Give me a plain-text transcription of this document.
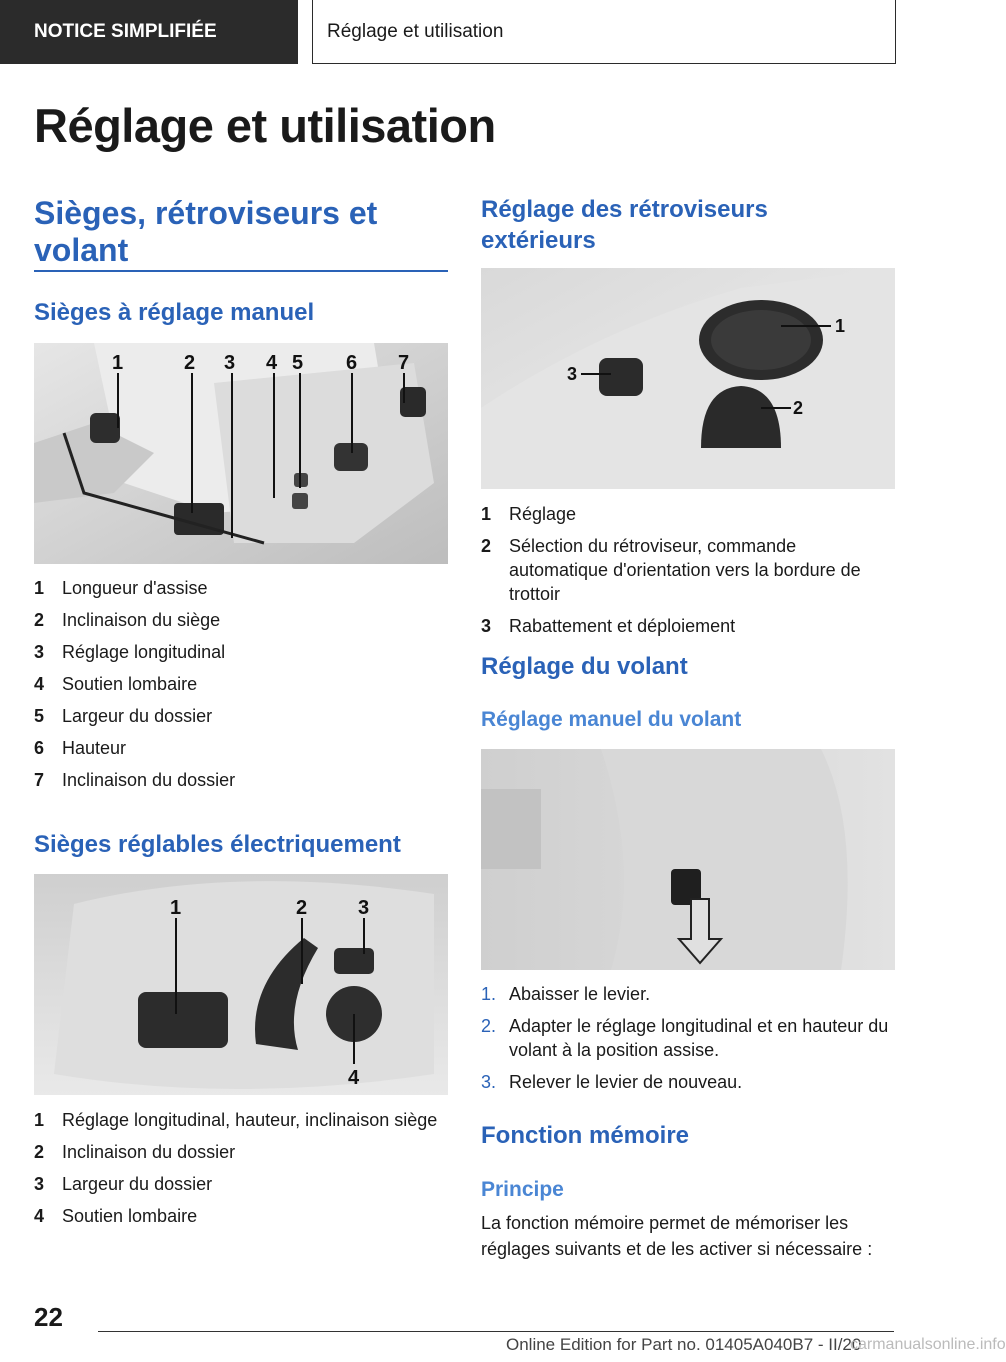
NOTICE SIMPLIFIÉE	Réglage et utilisation
Réglage et utilisation
Sièges, rétroviseurs et volant
Sièges à réglage manuel
1	2 3 4 5 6 7
1 Longueur d'assise
2 Inclinaison du siège
3 Réglage longitudinal
4 Soutien lombaire
5 Largeur du dossier
6 Hauteur
7 Inclinaison du dossier
Sièges réglables électriquement
1	2	3
4
1 Réglage longitudinal, hauteur, inclinaison siège
2 Inclinaison du dossier
3 Largeur du dossier
4 Soutien lombaire
Réglage des rétroviseurs extérieurs
1
2
3
1 Réglage
2 Sélection du rétroviseur, commande automatique d'orientation vers la bordure de trottoir
3 Rabattement et déploiement
Réglage du volant
Réglage manuel du volant
1. Abaisser le levier.
2. Adapter le réglage longitudinal et en hauteur du volant à la position assise.
3. Relever le levier de nouveau.
Fonction mémoire
Principe
La fonction mémoire permet de mémoriser les réglages suivants et de les activer si nécessaire :
22
Online Edition for Part no. 01405A040B7 - II/20
carmanualsonline.info
